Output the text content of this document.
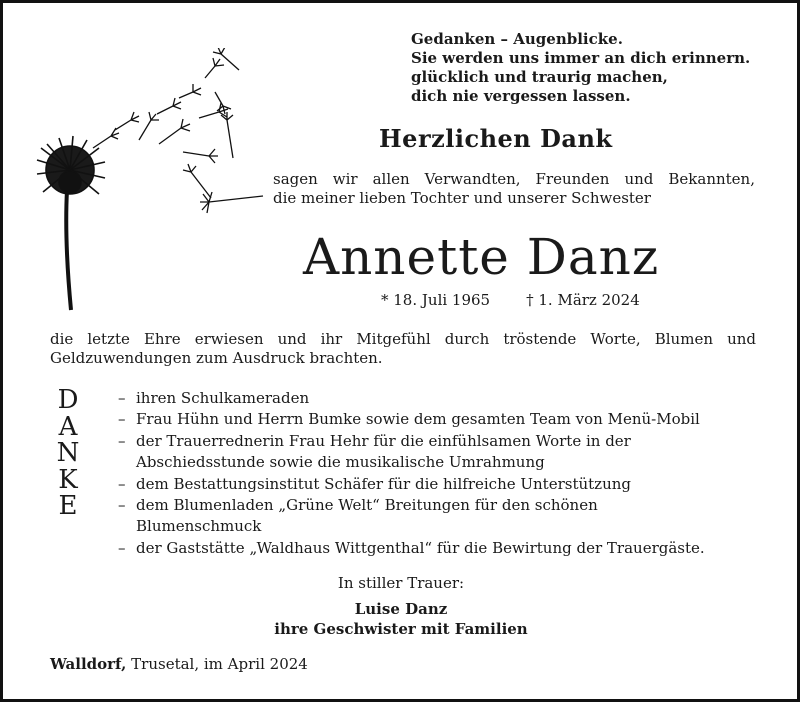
Gedanken – Augenblicke.
Sie werden uns immer an dich erinnern.
glücklich und traurig machen,
dich nie vergessen lassen.
Herzlichen Dank
sagen wir allen Verwandten, Freunden und Bekannten,
die meiner lieben Tochter und unserer Schwester
Annette Danz
* 18. Juli 1965 † 1. März 2024
die letzte Ehre erwiesen und ihr Mitgefühl durch tröstende Worte, Blumen und
Geldzuwendungen zum Ausdruck brachten.
D
A
N
K
E
– ihren Schulkameraden
– Frau Hühn und Herrn Bumke sowie dem gesamten Team von Menü-Mobil
– der Trauerrednerin Frau Hehr für die einfühlsamen Worte in der
Abschiedsstunde sowie die musikalische Umrahmung
– dem Bestattungsinstitut Schäfer für die hilfreiche Unterstützung
– dem Blumenladen „Grüne Welt“ Breitungen für den schönen
Blumenschmuck
– der Gaststätte „Waldhaus Wittgenthal“ für die Bewirtung der Trauergäste.
In stiller Trauer:
Luise Danz
ihre Geschwister mit Familien
Walldorf, Trusetal, im April 2024
